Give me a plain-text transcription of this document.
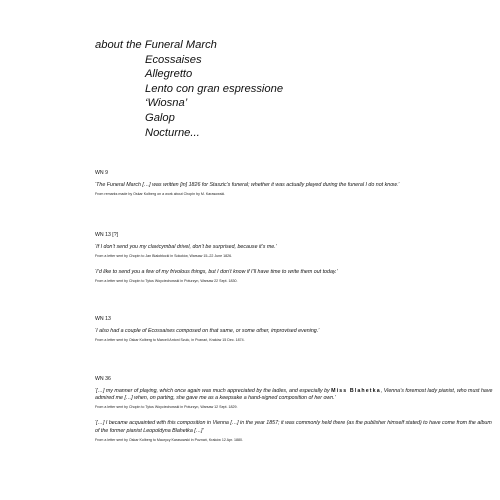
about the Funeral March
Ecossaises
Allegretto
Lento con gran espressione
‘Wiosna’
Galop
Nocturne...
WN 9
‘The Funeral March […] was written [in] 1826 for Staszic’s funeral; whether it was actually played during the funeral I do not know.’
From remarks made by Oskar Kolberg on a work about Chopin by M. Karasowski.
WN 13 [?]
‘If I don’t send you my clavicymbal drivel, don’t be surprised, because it’s me.’
From a letter sent by Chopin to Jan Białobłocki in Sokołów, Warsaw 15–22 June 1826.
‘I’d like to send you a few of my frivolous things, but I don’t know if I’ll have time to write them out today.’
From a letter sent by Chopin to Tytus Woyciechowski in Poturzyn, Warsaw 22 Sept. 1830.
WN 13
‘I also had a couple of Ecossaises composed on that same, or some other, improvised evening.’
From a letter sent by Oskar Kolberg to Marceli Antoni Szulc, in Poznań, Kraków 15 Dec. 1874.
WN 36
‘[…] my manner of playing, which once again was much appreciated by the ladies, and especially by Miss Blahetka, Vienna’s foremost lady pianist, who must have admired me […] when, on parting, she gave me as a keepsake a hand-signed composition of her own.’
From a letter sent by Chopin to Tytus Woyciechowski in Poturzyn, Warsaw 12 Sept. 1829.
‘[…] I became acquainted with this composition in Vienna […] in the year 1857; it was commonly held there (as the publisher himself stated) to have come from the album of the former pianist Leopoldyna Blahetka […]’
From a letter sent by Oskar Kolberg to Maurycy Karasowski in Poznań, Kraków 12 Apr. 1880.
